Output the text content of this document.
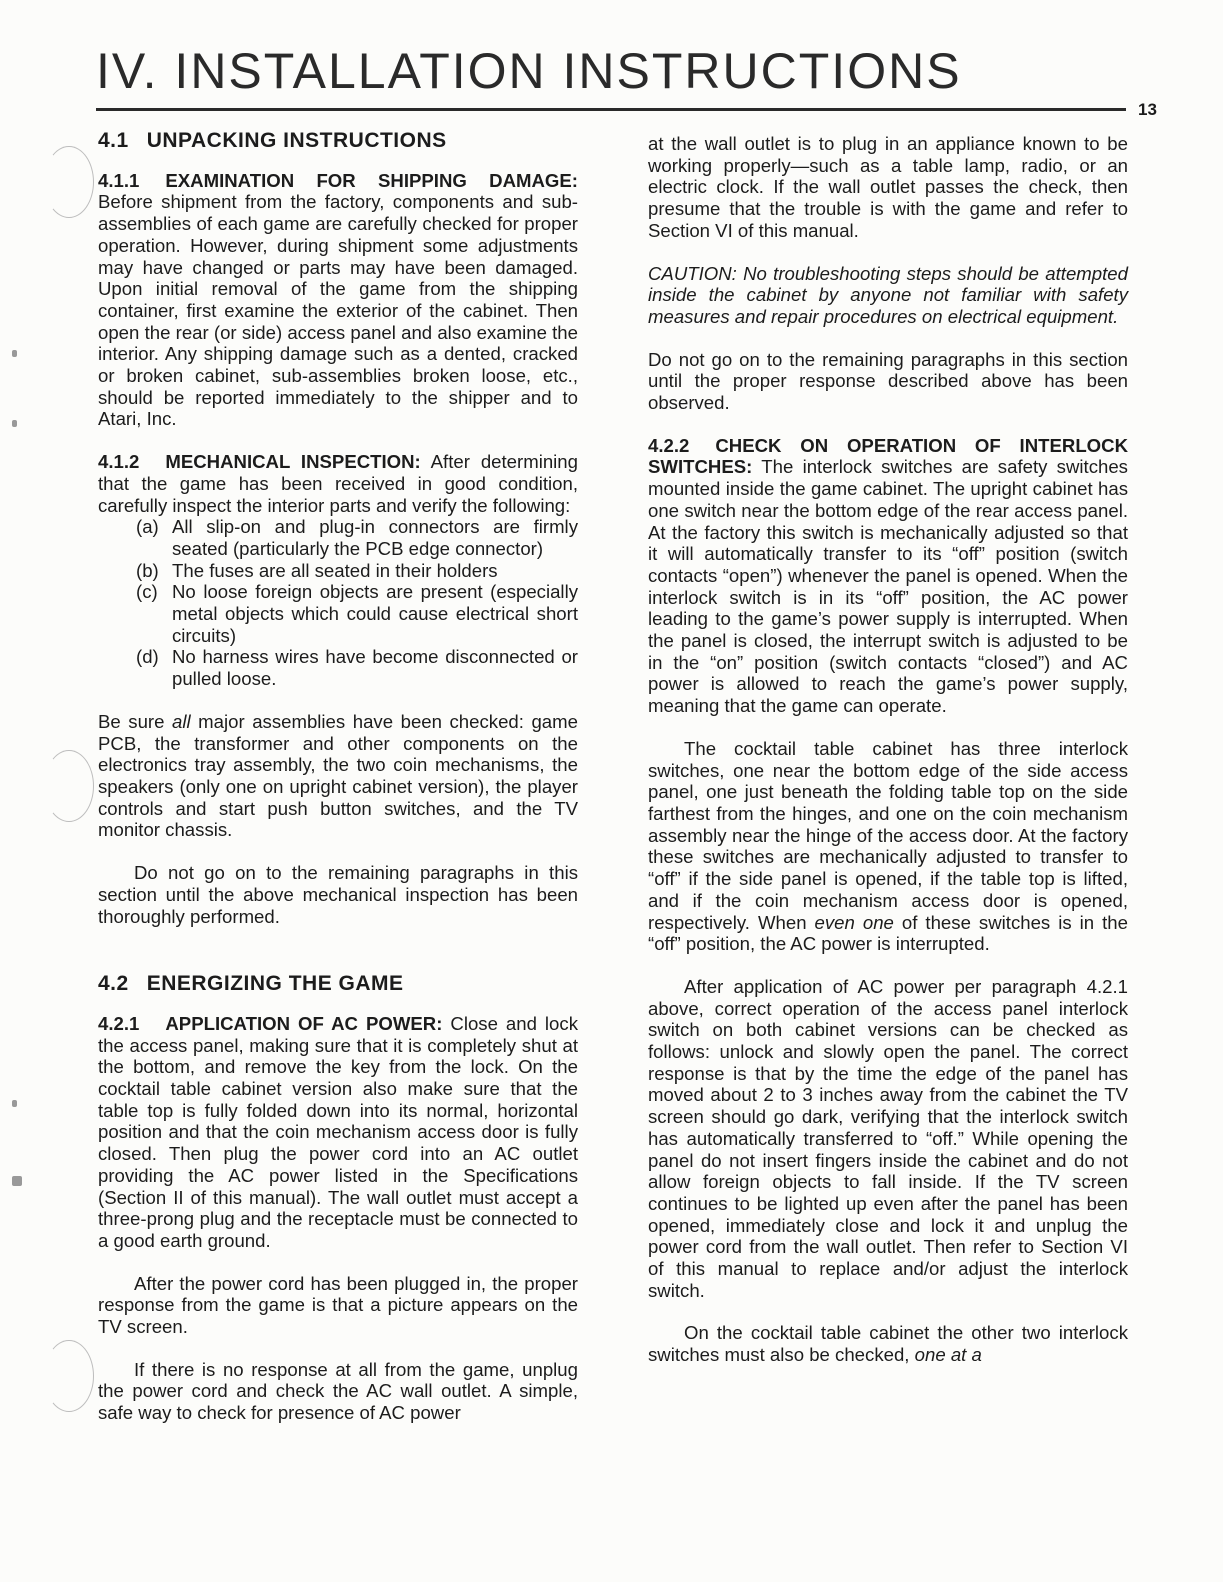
IV. INSTALLATION INSTRUCTIONS
13
4.1 UNPACKING INSTRUCTIONS

4.1.1 EXAMINATION FOR SHIPPING DAMAGE: Before shipment from the factory, components and sub-assemblies of each game are carefully checked for proper operation. However, during shipment some adjustments may have changed or parts may have been damaged. Upon initial removal of the game from the shipping container, first examine the exterior of the cabinet. Then open the rear (or side) access panel and also examine the interior. Any shipping damage such as a dented, cracked or broken cabinet, sub-assemblies broken loose, etc., should be reported immediately to the shipper and to Atari, Inc.

4.1.2 MECHANICAL INSPECTION: After determining that the game has been received in good condition, carefully inspect the interior parts and verify the following:

(a) All slip-on and plug-in connectors are firmly seated (particularly the PCB edge connector)
(b) The fuses are all seated in their holders
(c) No loose foreign objects are present (especially metal objects which could cause electrical short circuits)
(d) No harness wires have become disconnected or pulled loose.

Be sure all major assemblies have been checked: game PCB, the transformer and other components on the electronics tray assembly, the two coin mechanisms, the speakers (only one on upright cabinet version), the player controls and start push button switches, and the TV monitor chassis.

Do not go on to the remaining paragraphs in this section until the above mechanical inspection has been thoroughly performed.

4.2 ENERGIZING THE GAME

4.2.1 APPLICATION OF AC POWER: Close and lock the access panel, making sure that it is completely shut at the bottom, and remove the key from the lock. On the cocktail table cabinet version also make sure that the table top is fully folded down into its normal, horizontal position and that the coin mechanism access door is fully closed. Then plug the power cord into an AC outlet providing the AC power listed in the Specifications (Section II of this manual). The wall outlet must accept a three-prong plug and the receptacle must be connected to a good earth ground.

After the power cord has been plugged in, the proper response from the game is that a picture appears on the TV screen.

If there is no response at all from the game, unplug the power cord and check the AC wall outlet. A simple, safe way to check for presence of AC power

at the wall outlet is to plug in an appliance known to be working properly—such as a table lamp, radio, or an electric clock. If the wall outlet passes the check, then presume that the trouble is with the game and refer to Section VI of this manual.

CAUTION: No troubleshooting steps should be attempted inside the cabinet by anyone not familiar with safety measures and repair procedures on electrical equipment.

Do not go on to the remaining paragraphs in this section until the proper response described above has been observed.

4.2.2 CHECK ON OPERATION OF INTERLOCK SWITCHES: The interlock switches are safety switches mounted inside the game cabinet. The upright cabinet has one switch near the bottom edge of the rear access panel. At the factory this switch is mechanically adjusted so that it will automatically transfer to its “off” position (switch contacts “open”) whenever the panel is opened. When the interlock switch is in its “off” position, the AC power leading to the game’s power supply is interrupted. When the panel is closed, the interrupt switch is adjusted to be in the “on” position (switch contacts “closed”) and AC power is allowed to reach the game’s power supply, meaning that the game can operate.

The cocktail table cabinet has three interlock switches, one near the bottom edge of the side access panel, one just beneath the folding table top on the side farthest from the hinges, and one on the coin mechanism assembly near the hinge of the access door. At the factory these switches are mechanically adjusted to transfer to “off” if the side panel is opened, if the table top is lifted, and if the coin mechanism access door is opened, respectively. When even one of these switches is in the “off” position, the AC power is interrupted.

After application of AC power per paragraph 4.2.1 above, correct operation of the access panel interlock switch on both cabinet versions can be checked as follows: unlock and slowly open the panel. The correct response is that by the time the edge of the panel has moved about 2 to 3 inches away from the cabinet the TV screen should go dark, verifying that the interlock switch has automatically transferred to “off.” While opening the panel do not insert fingers inside the cabinet and do not allow foreign objects to fall inside. If the TV screen continues to be lighted up even after the panel has been opened, immediately close and lock it and unplug the power cord from the wall outlet. Then refer to Section VI of this manual to replace and/or adjust the interlock switch.

On the cocktail table cabinet the other two interlock switches must also be checked, one at a
